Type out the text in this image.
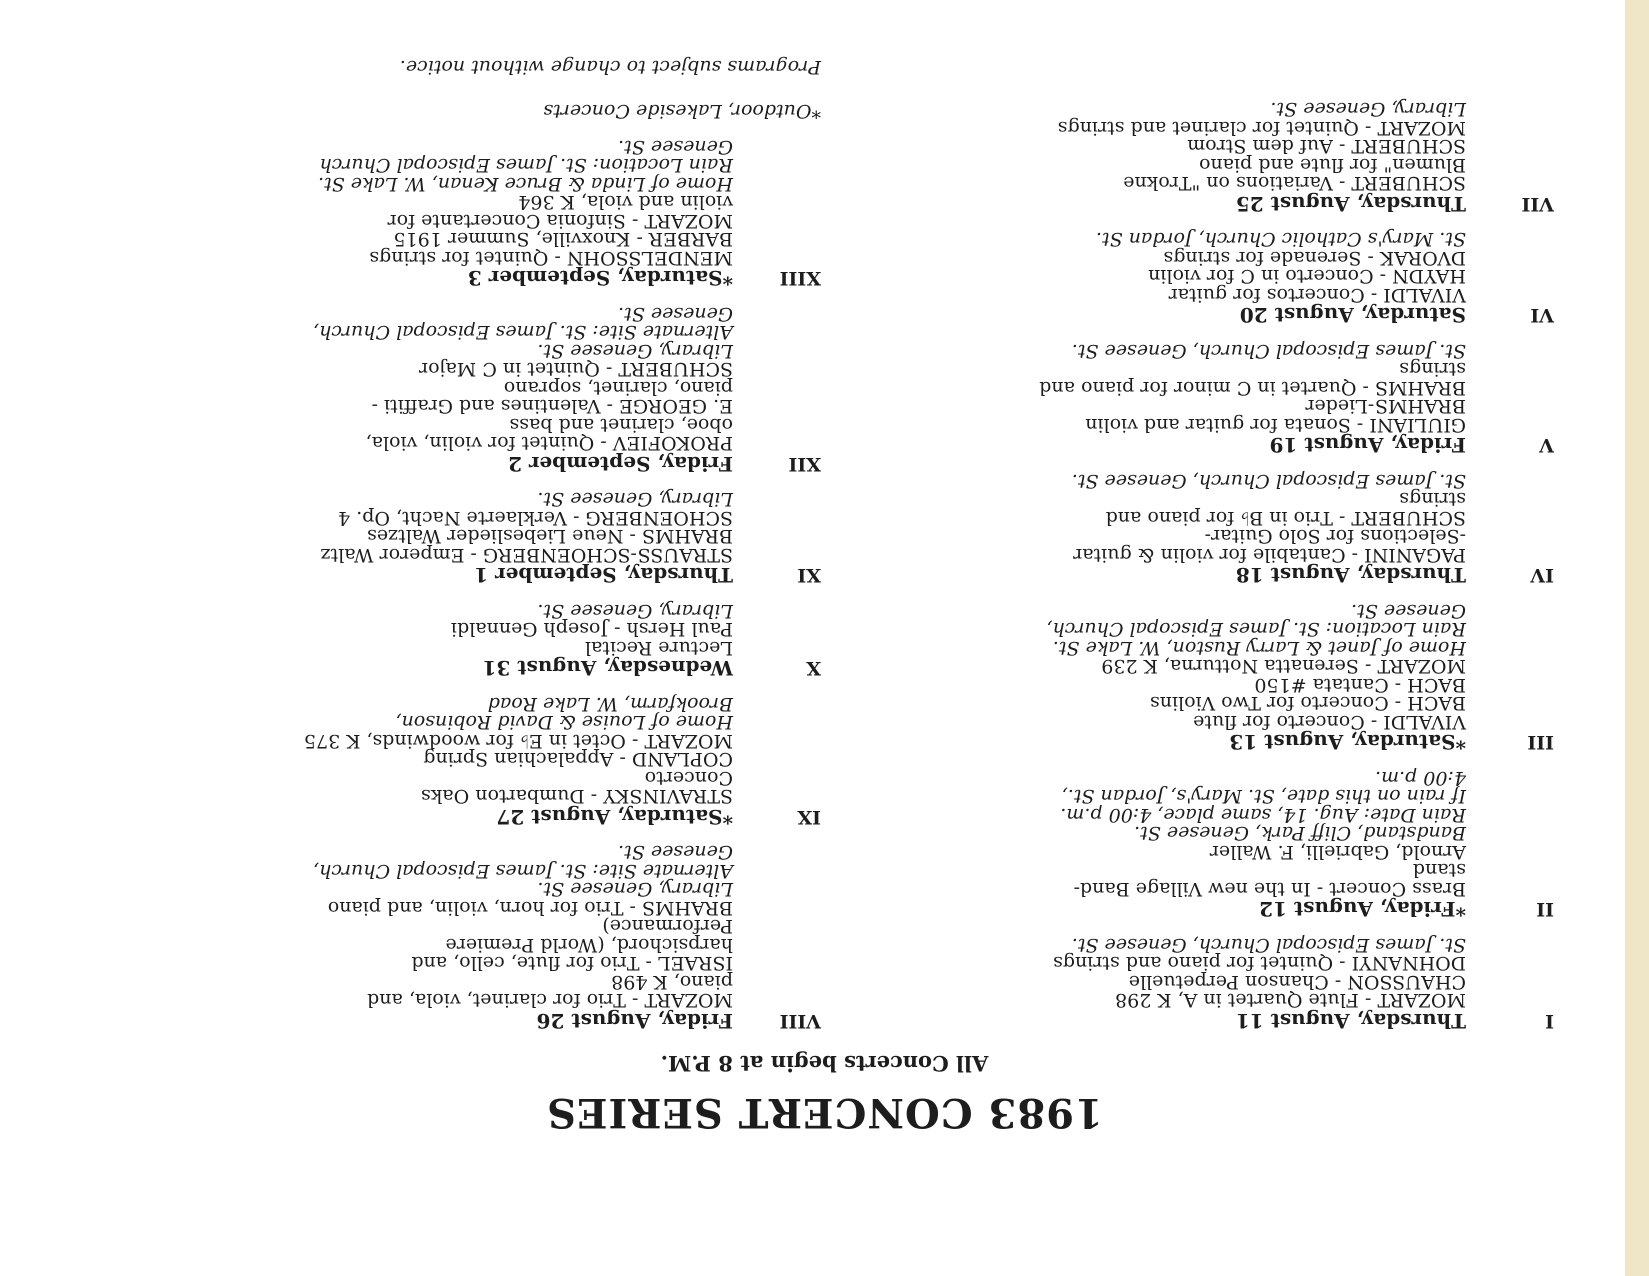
1983 CONCERT SERIES
All Concerts begin at 8 P.M.
I
Thursday, August 11
MOZART - Flute Quartet in A, K 298
CHAUSSON - Chanson Perpetuelle
DOHNANYI - Quintet for piano and strings
St. James Episcopal Church, Genesee St.
II
*Friday, August 12
Brass Concert - In the new Village Band-
stand
Arnold, Gabrielli, F. Waller
Bandstand, Cliff Park, Genesee St.
Rain Date: Aug. 14, same place, 4:00 p.m.
If rain on this date, St. Mary's, Jordan St.,
4:00 p.m.
III
*Saturday, August 13
VIVALDI - Concerto for flute
BACH - Concerto for Two Violins
BACH - Cantata #150
MOZART - Serenatta Notturna, K 239
Home of Janet & Larry Ruston, W. Lake St.
Rain Location: St. James Episcopal Church,
Genesee St.
IV
Thursday, August 18
PAGANINI - Cantabile for violin & guitar
-Selections for Solo Guitar-
SCHUBERT - Trio in B♭ for piano and
strings
St. James Episcopal Church, Genesee St.
V
Friday, August 19
GIULIANI - Sonata for guitar and violin
BRAHMS-Lieder
BRAHMS - Quartet in C minor for piano and
strings
St. James Episcopal Church, Genesee St.
VI
Saturday, August 20
VIVALDI - Concertos for guitar
HAYDN - Concerto in C for violin
DVORAK - Serenade for strings
St. Mary's Catholic Church, Jordan St.
VII
Thursday, August 25
SCHUBERT - Variations on "Trokne
Blumen" for flute and piano
SCHUBERT - Auf dem Strom
MOZART - Quintet for clarinet and strings
Library, Genesee St.
VIII
Friday, August 26
MOZART - Trio for clarinet, viola, and
piano, K 498
ISRAEL - Trio for flute, cello, and
harpsichord, (World Premiere
Performance)
BRAHMS - Trio for horn, violin, and piano
Library, Genesee St.
Alternate Site: St. James Episcopal Church,
Genesee St.
IX
*Saturday, August 27
STRAVINSKY - Dumbarton Oaks
Concerto
COPLAND - Appalachian Spring
MOZART - Octet in E♭ for woodwinds, K 375
Home of Louise & David Robinson,
Brookfarm, W. Lake Road
X
Wednesday, August 31
Lecture Recital
Paul Hersh - Joseph Gennaldi
Library, Genesee St.
XI
Thursday, September 1
STRAUSS-SCHOENBERG - Emperor Waltz
BRAHMS - Neue Liebeslieder Waltzes
SCHOENBERG - Verklaerte Nacht, Op. 4
Library, Genesee St.
XII
Friday, September 2
PROKOFIEV - Quintet for violin, viola,
oboe, clarinet and bass
E. GEORGE - Valentines and Graffiti -
piano, clarinet, soprano
SCHUBERT - Quintet in C Major
Library, Genesee St.
Alternate Site: St. James Episcopal Church,
Genesee St.
XIII
*Saturday, September 3
MENDELSSOHN - Quintet for strings
BARBER - Knoxville, Summer 1915
MOZART - Sinfonia Concertante for
violin and viola, K 364
Home of Linda & Bruce Kenan, W. Lake St.
Rain Location: St. James Episcopal Church
Genesee St.
*Outdoor, Lakeside Concerts
Programs subject to change without notice.
